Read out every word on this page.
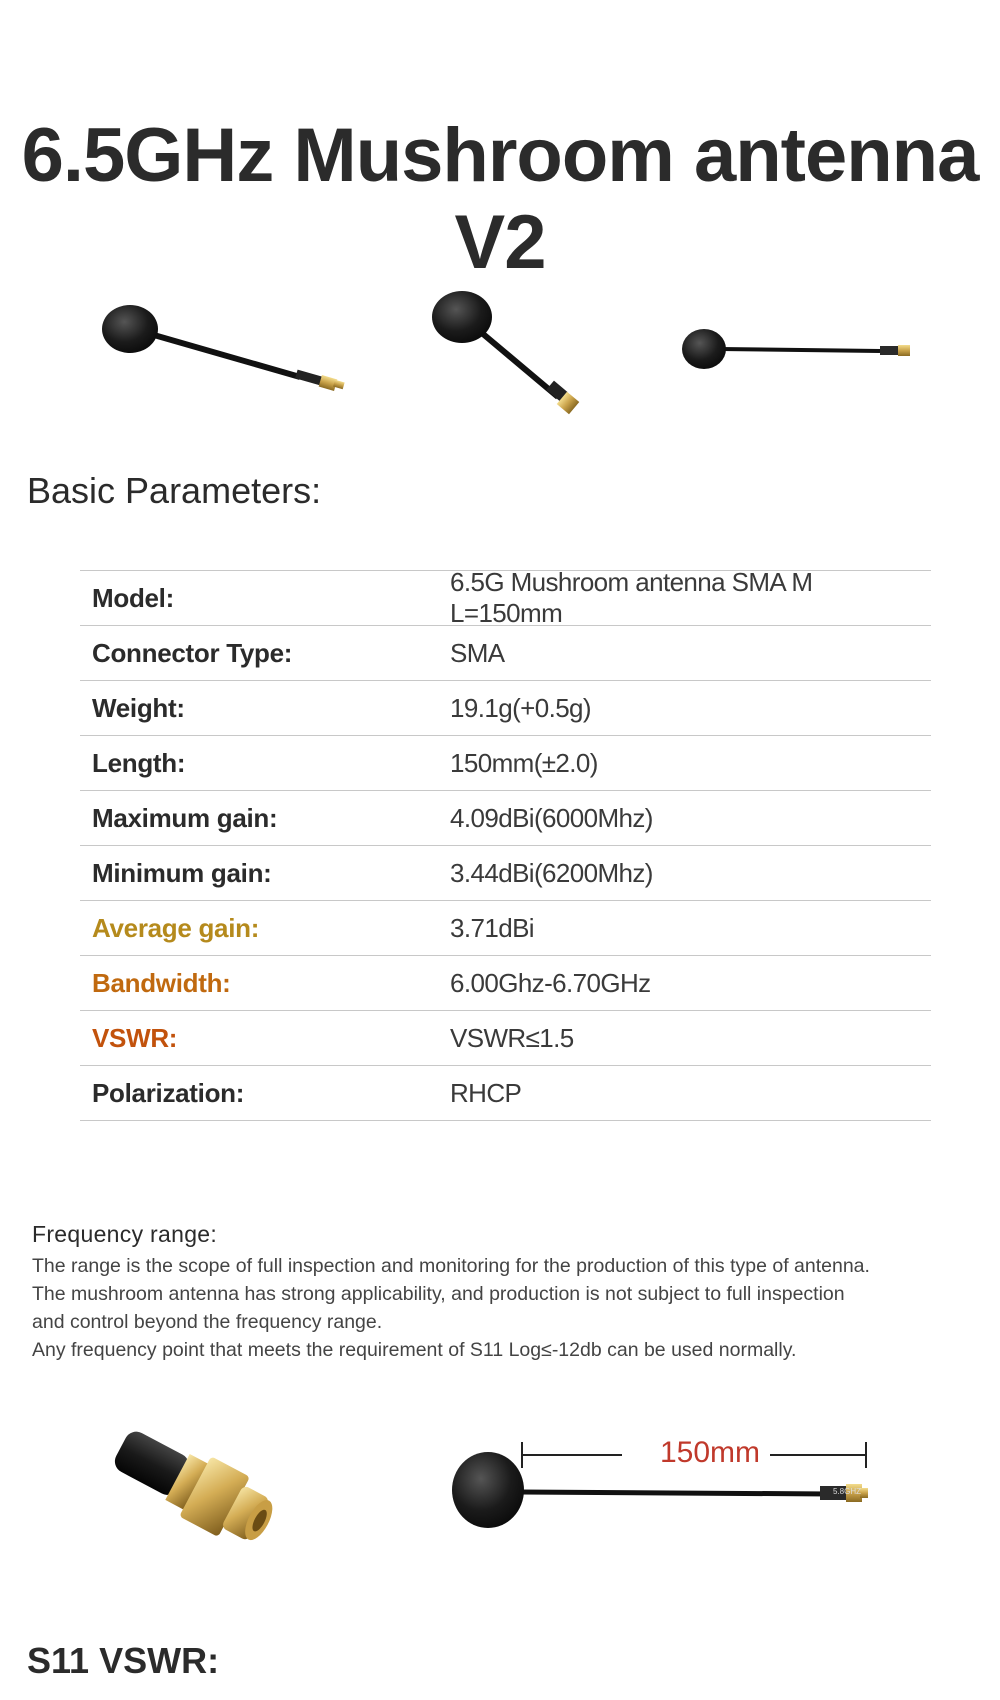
6.5GHz Mushroom antenna V2
Basic Parameters:
Model:
6.5G Mushroom antenna SMA M L=150mm
Connector Type:	SMA
Weight:	19.1g(+0.5g)
Length:	150mm(±2.0)
Maximum gain:	4.09dBi(6000Mhz)
Minimum gain:	3.44dBi(6200Mhz)
Average gain:	3.71dBi
Bandwidth:	6.00Ghz-6.70GHz
VSWR:	VSWR≤1.5
Polarization:	RHCP

Frequency range:

The range is the scope of full inspection and monitoring for the production of this type of antenna.

The mushroom antenna has strong applicability, and production is not subject to full inspection

and control beyond the frequency range.

Any frequency point that meets the requirement of S11 Log≤-12db can be used normally.

5.8GHZ
150mm
S11 VSWR:
